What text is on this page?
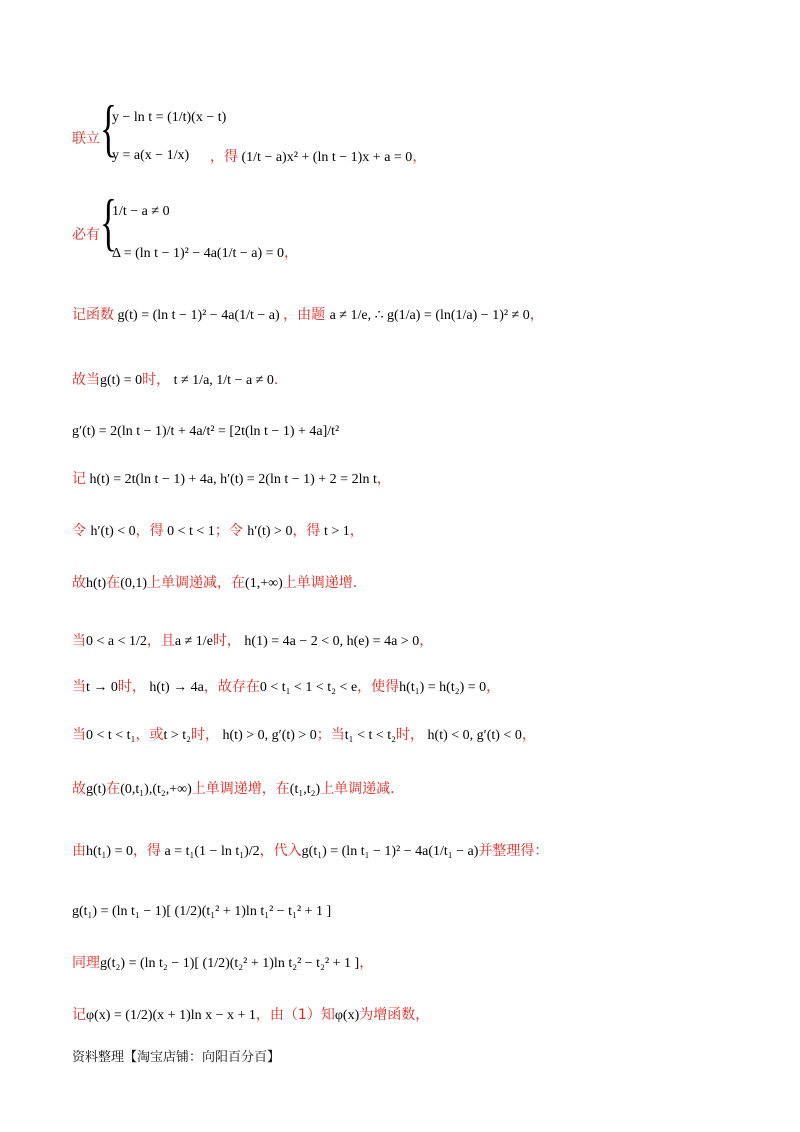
{
{
y − ln t = (1/t)(x − t)
联立
y = a(x − 1/x) ，得 (1/t − a)x² + (ln t − 1)x + a = 0，
1/t − a ≠ 0
必有
Δ = (ln t − 1)² − 4a(1/t − a) = 0，
记函数 g(t) = (ln t − 1)² − 4a(1/t − a) ，由题 a ≠ 1/e, ∴ g(1/a) = (ln(1/a) − 1)² ≠ 0，
故当g(t) = 0时， t ≠ 1/a, 1/t − a ≠ 0.
g′(t) = 2(ln t − 1)/t + 4a/t² = [2t(ln t − 1) + 4a]/t²
记 h(t) = 2t(ln t − 1) + 4a, h′(t) = 2(ln t − 1) + 2 = 2ln t，
令 h′(t) < 0，得 0 < t < 1；令 h′(t) > 0，得 t > 1，
故h(t)在(0,1)上单调递减，在(1,+∞)上单调递增.
当0 < a < 1/2，且a ≠ 1/e时， h(1) = 4a − 2 < 0, h(e) = 4a > 0，
当t → 0时， h(t) → 4a，故存在0 < t₁ < 1 < t₂ < e，使得h(t₁) = h(t₂) = 0，
当0 < t < t₁，或t > t₂时， h(t) > 0, g′(t) > 0；当t₁ < t < t₂时， h(t) < 0, g′(t) < 0，
故g(t)在(0,t₁),(t₂,+∞)上单调递增，在(t₁,t₂)上单调递减.
由h(t₁) = 0，得 a = t₁(1 − ln t₁)/2，代入g(t₁) = (ln t₁ − 1)² − 4a(1/t₁ − a)并整理得：
g(t₁) = (ln t₁ − 1)[ (1/2)(t₁² + 1)ln t₁² − t₁² + 1 ]
同理g(t₂) = (ln t₂ − 1)[ (1/2)(t₂² + 1)ln t₂² − t₂² + 1 ]，
记φ(x) = (1/2)(x + 1)ln x − x + 1，由（1）知φ(x)为增函数，
资料整理【淘宝店铺：向阳百分百】
